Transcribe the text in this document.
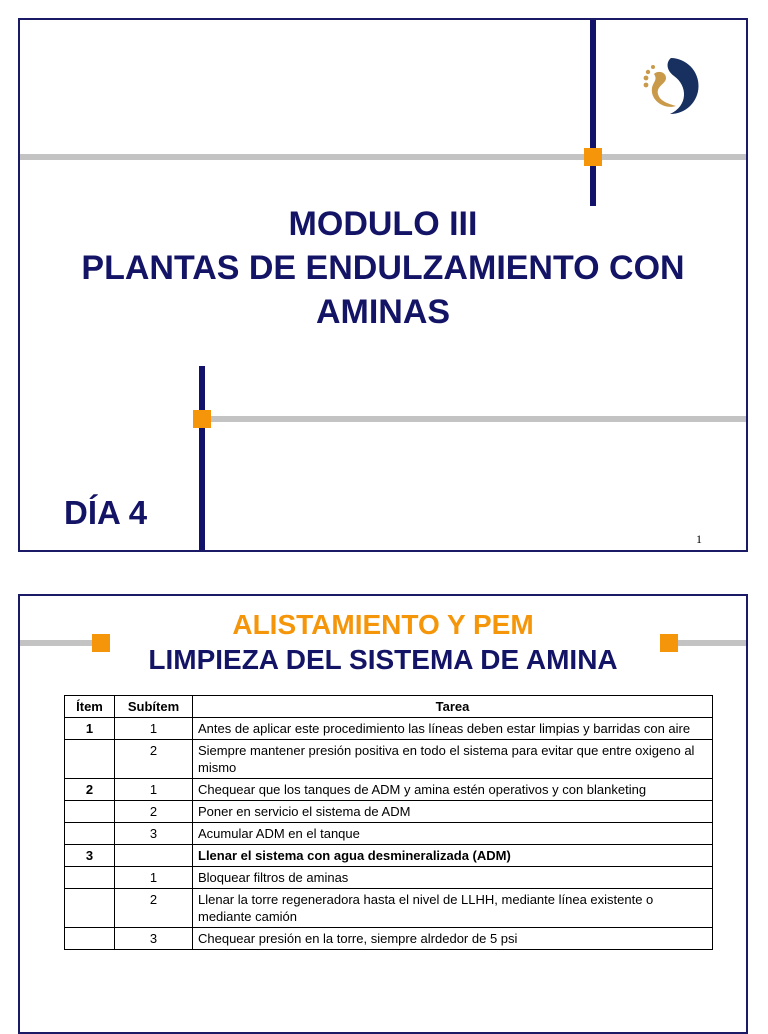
MODULO III
PLANTAS DE ENDULZAMIENTO CON
AMINAS
DÍA 4
1
ALISTAMIENTO Y PEM
LIMPIEZA DEL SISTEMA DE AMINA
Ítem	Subítem	Tarea
1	1	Antes de aplicar este procedimiento las líneas deben estar limpias y barridas con aire
	2	Siempre mantener presión positiva en todo el sistema para evitar que entre oxigeno al mismo
2	1	Chequear que los tanques de ADM y amina estén operativos y con blanketing
	2	Poner en servicio el sistema de ADM
	3	Acumular ADM en el tanque
3		Llenar el sistema con agua desmineralizada (ADM)
	1	Bloquear filtros de aminas
	2	Llenar la torre regeneradora hasta el nivel de LLHH, mediante línea existente o mediante camión
	3	Chequear presión en la torre, siempre alrdedor de 5 psi
